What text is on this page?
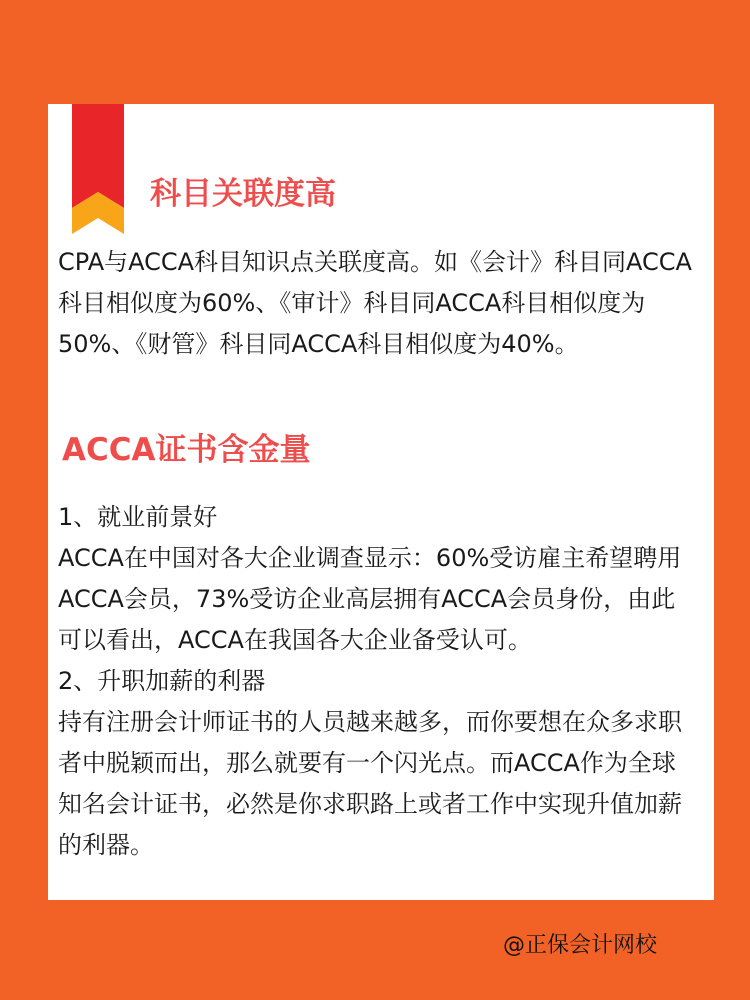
科目关联度高

CPA与ACCA科目知识点关联度高。如《会计》科目同ACCA科目相似度为60%、《审计》科目同ACCA科目相似度为50%、《财管》科目同ACCA科目相似度为40%。

ACCA证书含金量

1、就业前景好

ACCA在中国对各大企业调查显示：60%受访雇主希望聘用ACCA会员，73%受访企业高层拥有ACCA会员身份，由此可以看出，ACCA在我国各大企业备受认可。

2、升职加薪的利器

持有注册会计师证书的人员越来越多，而你要想在众多求职者中脱颖而出，那么就要有一个闪光点。而ACCA作为全球知名会计证书，必然是你求职路上或者工作中实现升值加薪的利器。

@正保会计网校
